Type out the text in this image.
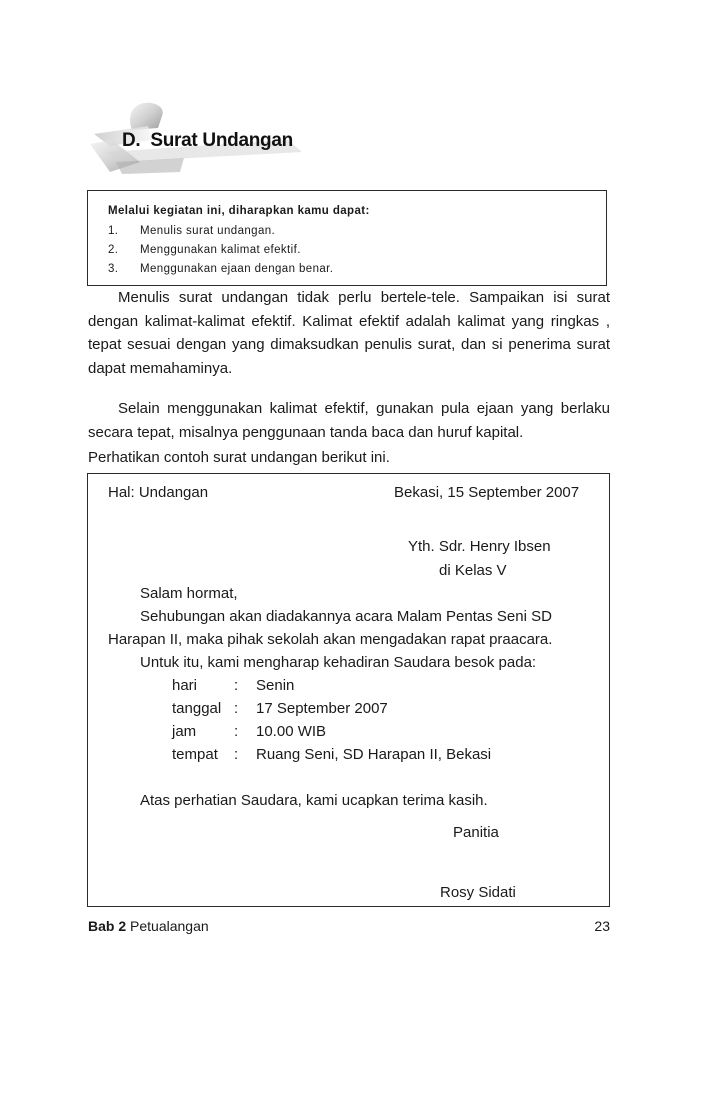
D. Surat Undangan
Melalui kegiatan ini, diharapkan kamu dapat:
1.	Menulis surat undangan.
2.	Menggunakan kalimat efektif.
3.	Menggunakan ejaan dengan benar.

Menulis surat undangan tidak perlu bertele-tele. Sampaikan isi surat dengan kalimat-kalimat efektif. Kalimat efektif adalah kalimat yang ringkas , tepat sesuai dengan yang dimaksudkan penulis surat, dan si penerima surat dapat memahaminya.

Selain menggunakan kalimat efektif, gunakan pula ejaan yang berlaku secara tepat, misalnya penggunaan tanda baca dan huruf kapital.

Perhatikan contoh surat undangan berikut ini.

Hal: Undangan	Bekasi, 15 September 2007
Yth. Sdr. Henry Ibsen
di Kelas V
Salam hormat,
Sehubungan akan diadakannya acara Malam Pentas Seni SD
Harapan II, maka pihak sekolah akan mengadakan rapat praacara.
Untuk itu, kami mengharap kehadiran Saudara besok pada:
hari	:	Senin
tanggal :	17 September 2007
jam	:	10.00 WIB
tempat	:	Ruang Seni, SD Harapan II, Bekasi
Atas perhatian Saudara, kami ucapkan terima kasih.
Panitia
Rosy Sidati
Bab 2 Petualangan	23
